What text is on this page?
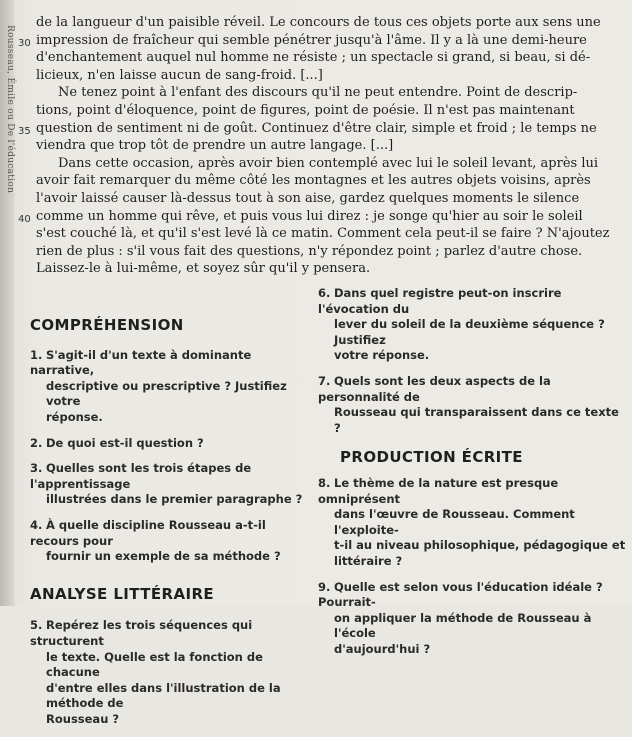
Rousseau, Émile ou De l'éducation
de la langueur d'un paisible réveil. Le concours de tous ces objets porte aux sens une
30 impression de fraîcheur qui semble pénétrer jusqu'à l'âme. Il y a là une demi-heure
d'enchantement auquel nul homme ne résiste ; un spectacle si grand, si beau, si dé-
licieux, n'en laisse aucun de sang-froid. [...]
Ne tenez point à l'enfant des discours qu'il ne peut entendre. Point de descrip-
tions, point d'éloquence, point de figures, point de poésie. Il n'est pas maintenant
35 question de sentiment ni de goût. Continuez d'être clair, simple et froid ; le temps ne
viendra que trop tôt de prendre un autre langage. [...]
Dans cette occasion, après avoir bien contemplé avec lui le soleil levant, après lui
avoir fait remarquer du même côté les montagnes et les autres objets voisins, après
l'avoir laissé causer là-dessus tout à son aise, gardez quelques moments le silence
40 comme un homme qui rêve, et puis vous lui direz : je songe qu'hier au soir le soleil
s'est couché là, et qu'il s'est levé là ce matin. Comment cela peut-il se faire ? N'ajoutez
rien de plus : s'il vous fait des questions, n'y répondez point ; parlez d'autre chose.
Laissez-le à lui-même, et soyez sûr qu'il y pensera.
COMPRÉHENSION
1. S'agit-il d'un texte à dominante narrative,

descriptive ou prescriptive ? Justifiez votre
réponse.
2. De quoi est-il question ?
3. Quelles sont les trois étapes de l'apprentissage
illustrées dans le premier paragraphe ?
4. À quelle discipline Rousseau a-t-il recours pour
fournir un exemple de sa méthode ?
ANALYSE LITTÉRAIRE
5. Repérez les trois séquences qui structurent
le texte. Quelle est la fonction de chacune
d'entre elles dans l'illustration de la méthode de
Rousseau ?
6. Dans quel registre peut-on inscrire l'évocation du
lever du soleil de la deuxième séquence ? Justifiez
votre réponse.
7. Quels sont les deux aspects de la personnalité de
Rousseau qui transparaissent dans ce texte ?
PRODUCTION ÉCRITE
8. Le thème de la nature est presque omniprésent
dans l'œuvre de Rousseau. Comment l'exploite-
t-il au niveau philosophique, pédagogique et
littéraire ?
9. Quelle est selon vous l'éducation idéale ? Pourrait-
on appliquer la méthode de Rousseau à l'école
d'aujourd'hui ?
